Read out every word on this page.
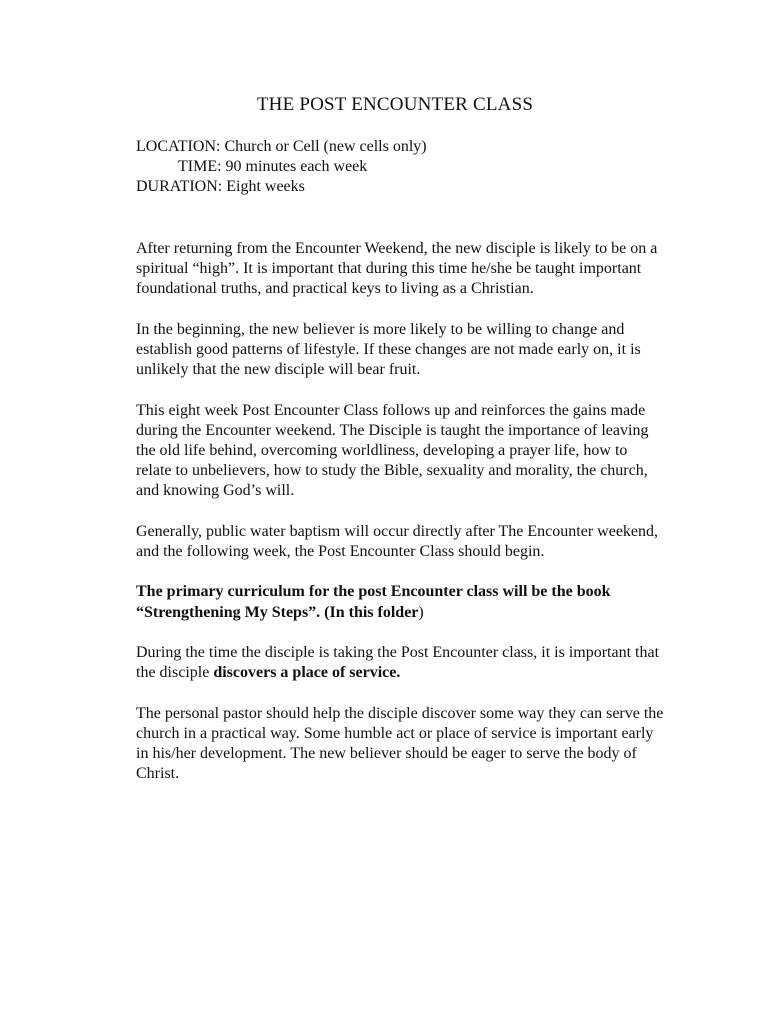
THE POST ENCOUNTER CLASS
LOCATION: Church or Cell (new cells only)
TIME: 90 minutes each week
DURATION: Eight weeks

After returning from the Encounter Weekend, the new disciple is likely to be on a spiritual “high”. It is important that during this time he/she be taught important foundational truths, and practical keys to living as a Christian.

In the beginning, the new believer is more likely to be willing to change and establish good patterns of lifestyle. If these changes are not made early on, it is unlikely that the new disciple will bear fruit.

This eight week Post Encounter Class follows up and reinforces the gains made during the Encounter weekend. The Disciple is taught the importance of leaving the old life behind, overcoming worldliness, developing a prayer life, how to relate to unbelievers, how to study the Bible, sexuality and morality, the church, and knowing God’s will.

Generally, public water baptism will occur directly after The Encounter weekend, and the following week, the Post Encounter Class should begin.

The primary curriculum for the post Encounter class will be the book “Strengthening My Steps”. (In this folder)

During the time the disciple is taking the Post Encounter class, it is important that the disciple discovers a place of service.

The personal pastor should help the disciple discover some way they can serve the church in a practical way. Some humble act or place of service is important early in his/her development. The new believer should be eager to serve the body of Christ.
